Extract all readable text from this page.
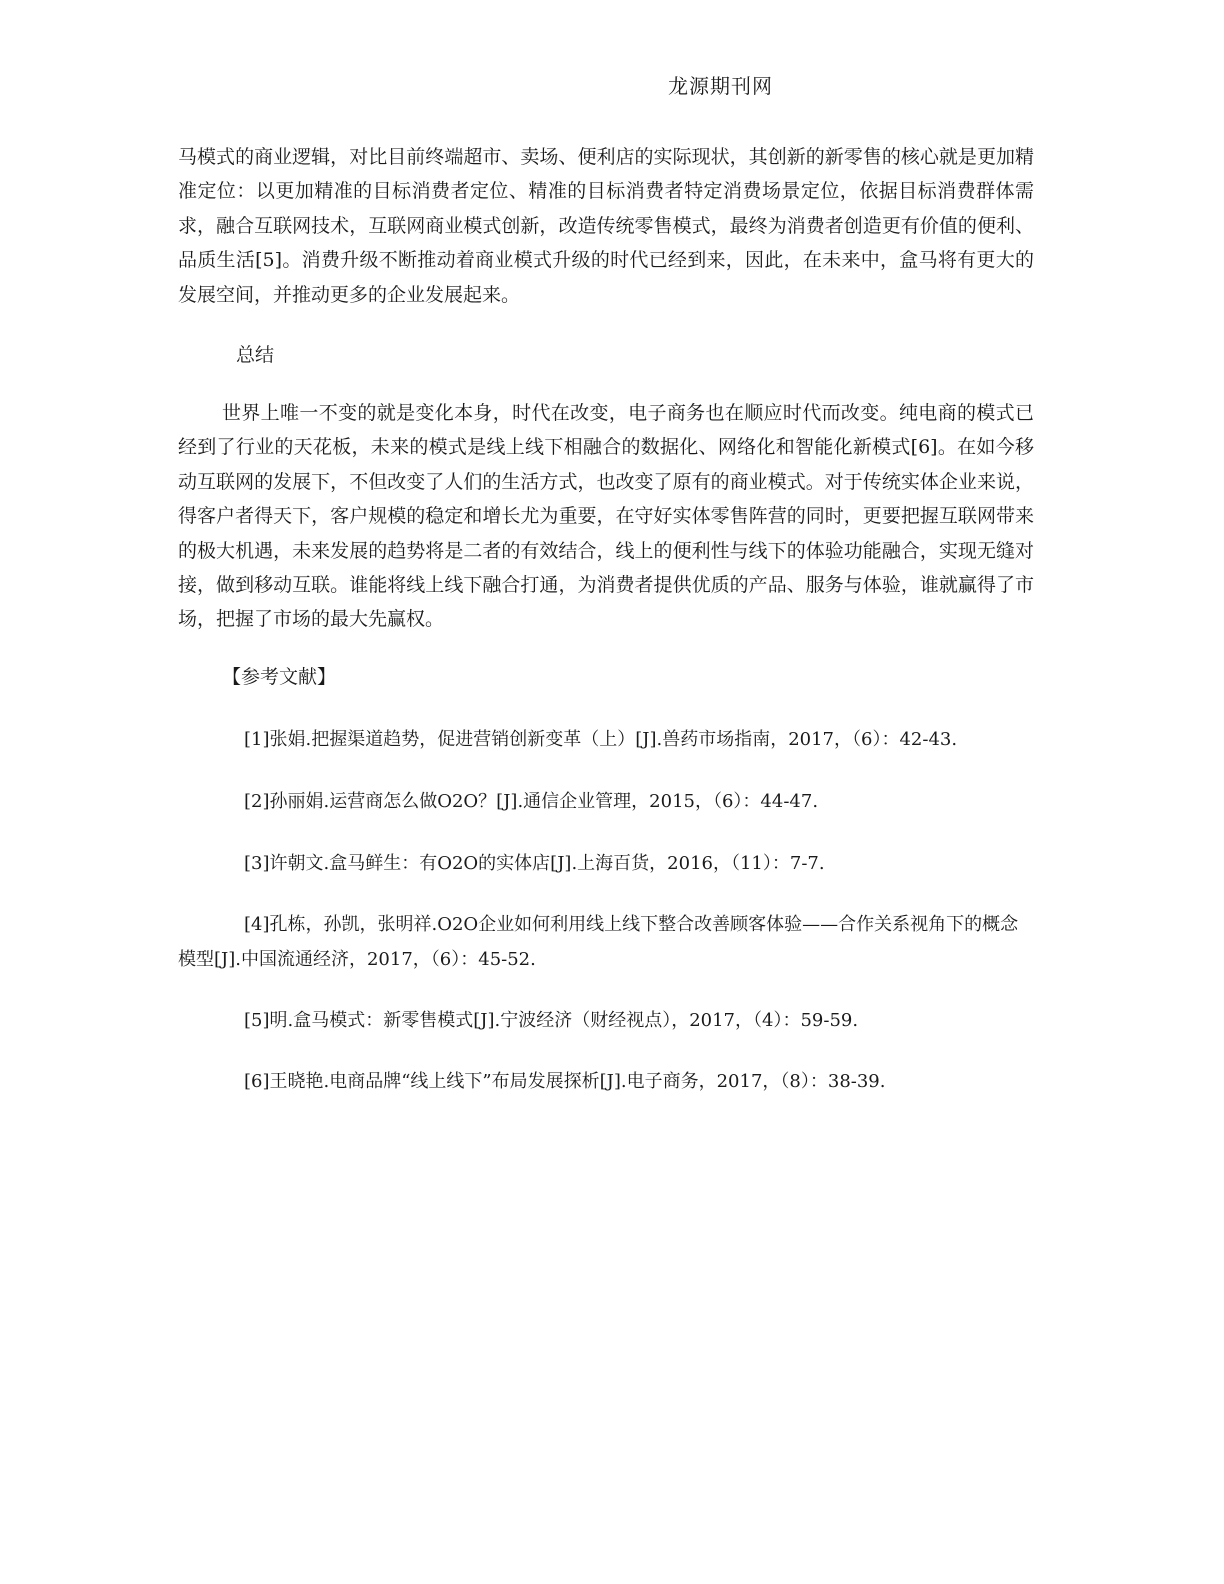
龙源期刊网

马模式的商业逻辑，对比目前终端超市、卖场、便利店的实际现状，其创新的新零售的核心就是更加精准定位：以更加精准的目标消费者定位、精准的目标消费者特定消费场景定位，依据目标消费群体需求，融合互联网技术，互联网商业模式创新，改造传统零售模式，最终为消费者创造更有价值的便利、品质生活[5]。消费升级不断推动着商业模式升级的时代已经到来，因此，在未来中，盒马将有更大的发展空间，并推动更多的企业发展起来。

总结

世界上唯一不变的就是变化本身，时代在改变，电子商务也在顺应时代而改变。纯电商的模式已经到了行业的天花板，未来的模式是线上线下相融合的数据化、网络化和智能化新模式[6]。在如今移动互联网的发展下，不但改变了人们的生活方式，也改变了原有的商业模式。对于传统实体企业来说，得客户者得天下，客户规模的稳定和增长尤为重要，在守好实体零售阵营的同时，更要把握互联网带来的极大机遇，未来发展的趋势将是二者的有效结合，线上的便利性与线下的体验功能融合，实现无缝对接，做到移动互联。谁能将线上线下融合打通，为消费者提供优质的产品、服务与体验，谁就赢得了市场，把握了市场的最大先赢权。

【参考文献】

[1]张娟.把握渠道趋势，促进营销创新变革（上）[J].兽药市场指南，2017，（6）：42-43.

[2]孙丽娟.运营商怎么做O2O？[J].通信企业管理，2015，（6）：44-47.

[3]许朝文.盒马鲜生：有O2O的实体店[J].上海百货，2016，（11）：7-7.

[4]孔栋，孙凯，张明祥.O2O企业如何利用线上线下整合改善顾客体验——合作关系视角下的概念模型[J].中国流通经济，2017，（6）：45-52.

[5]明.盒马模式：新零售模式[J].宁波经济（财经视点），2017，（4）：59-59.

[6]王晓艳.电商品牌“线上线下”布局发展探析[J].电子商务，2017，（8）：38-39.
